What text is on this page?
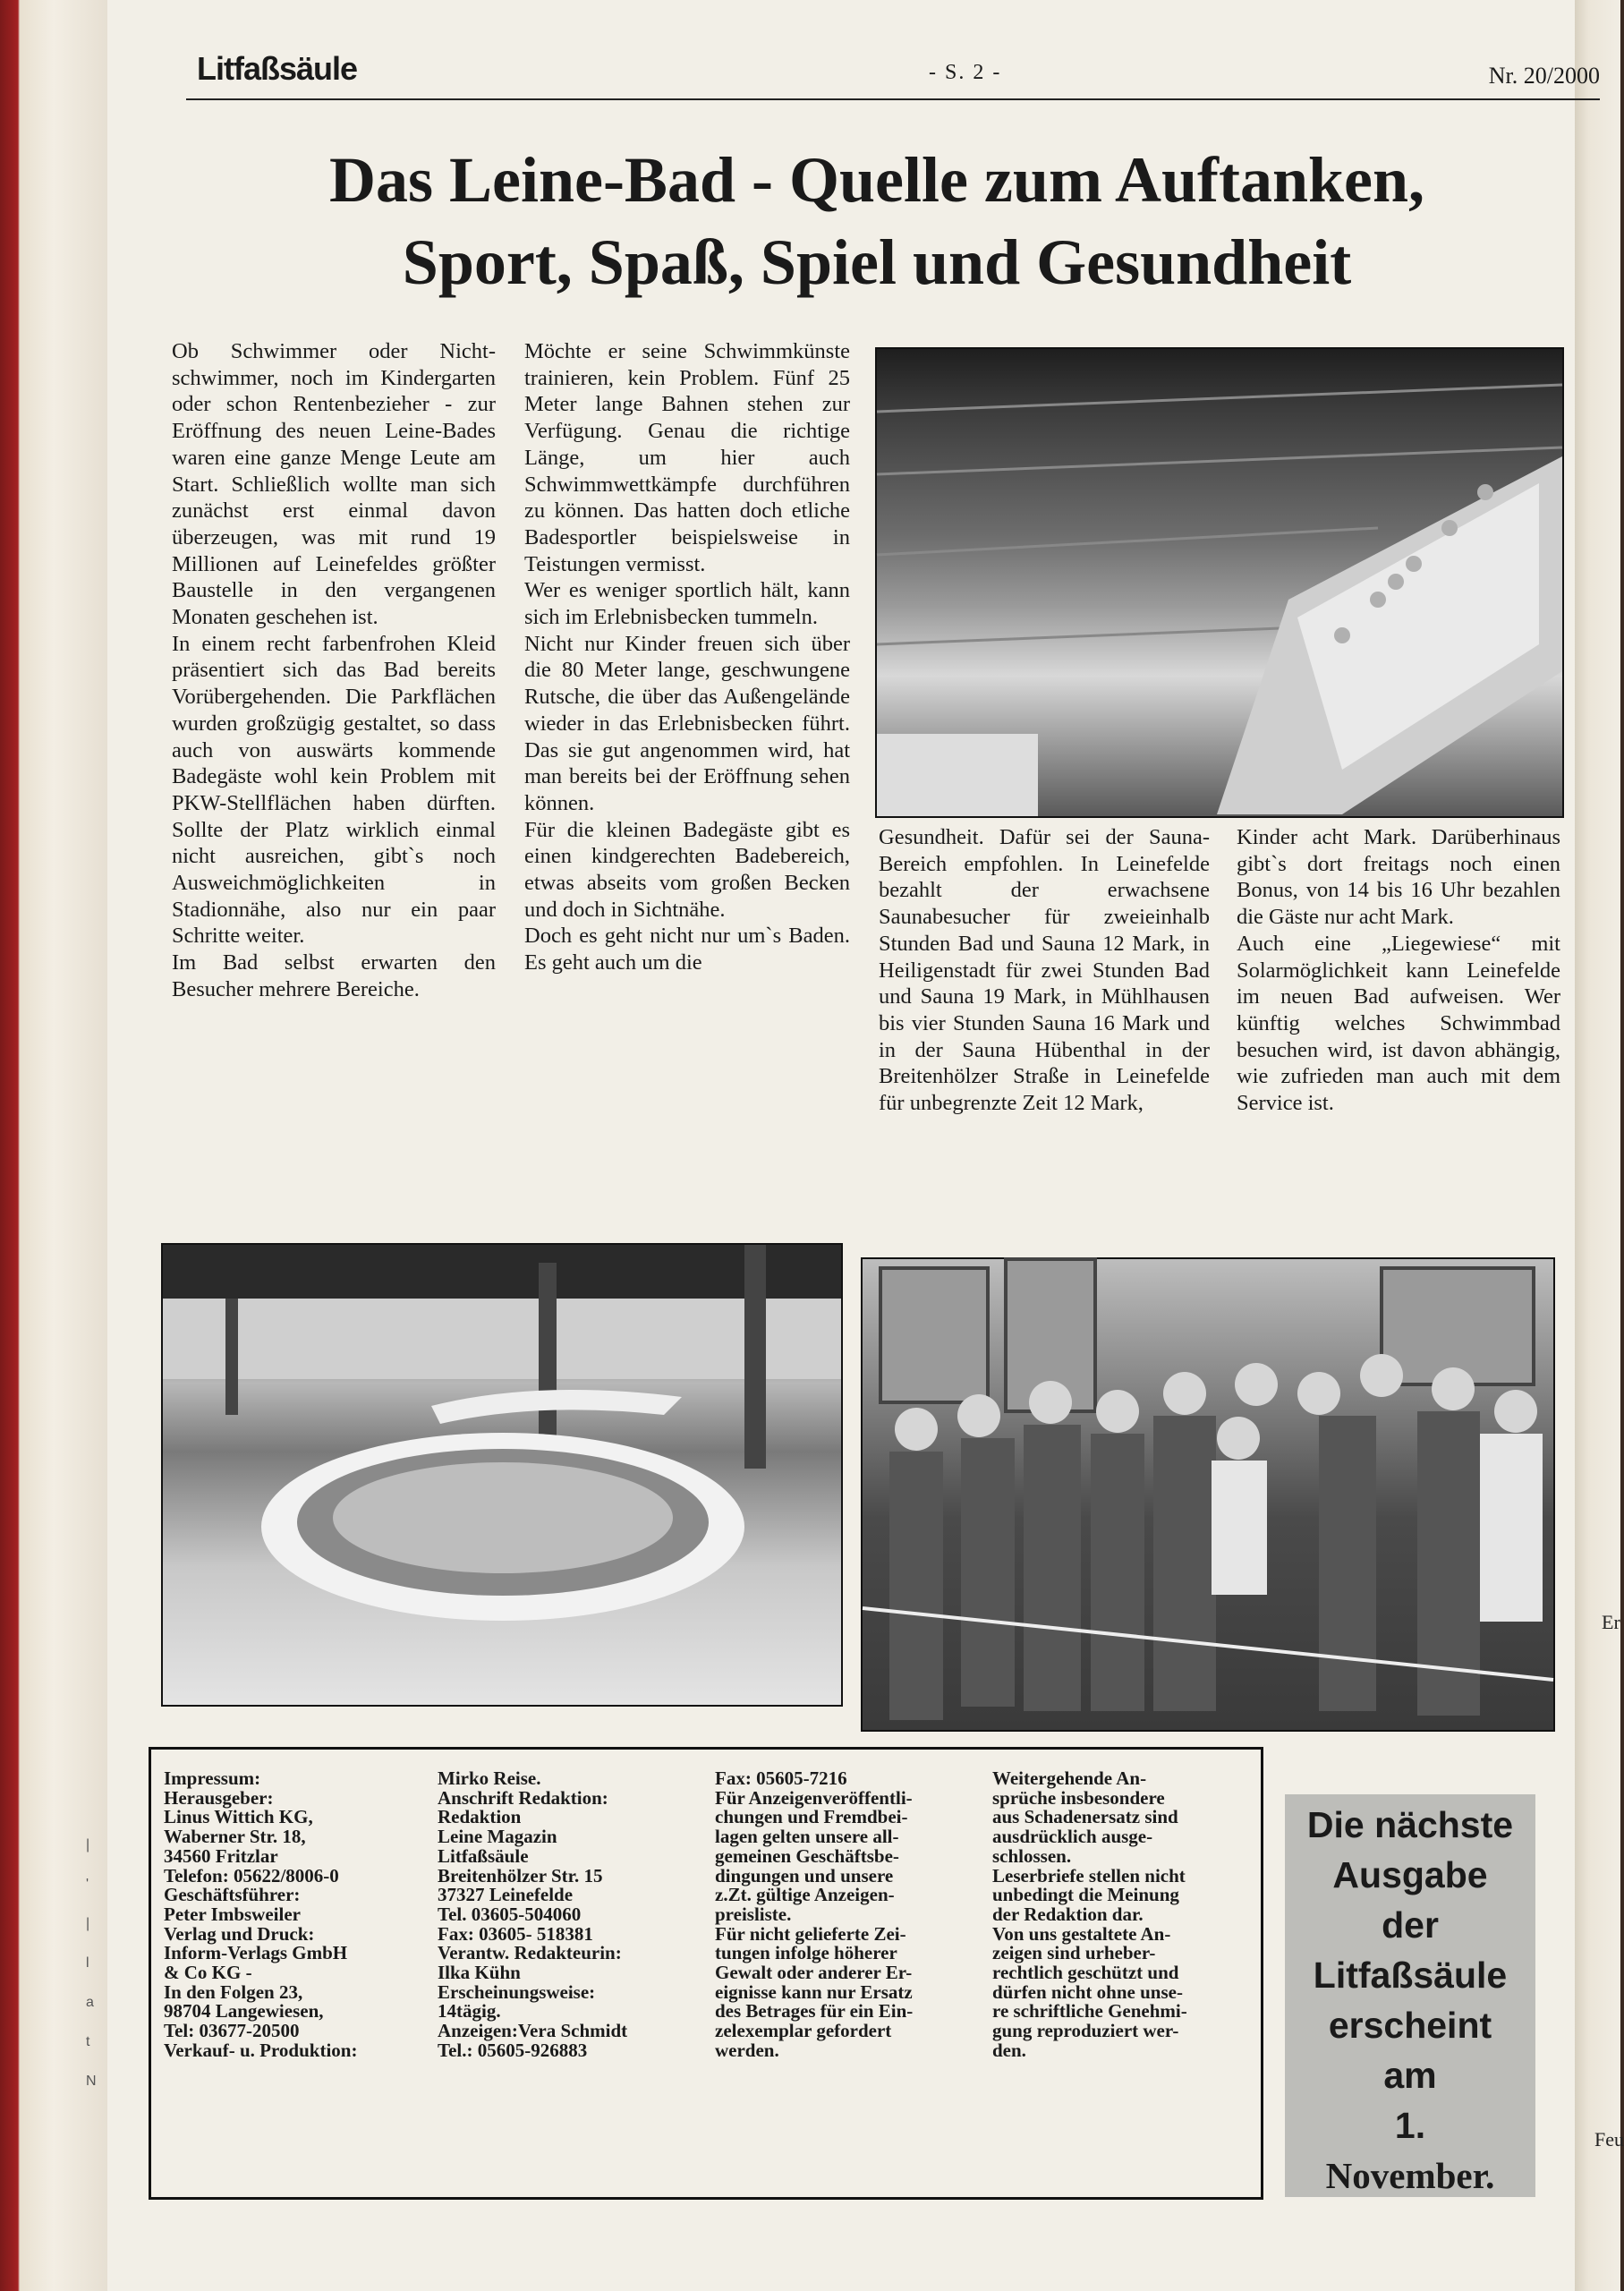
|
'
|
l
a
t
N
Er
Feu
Litfaßsäule	- S. 2 -	Nr. 20/2000
Das Leine-Bad - Quelle zum Auftanken,
Sport, Spaß, Spiel und Gesundheit

Ob Schwimmer oder Nicht-schwimmer, noch im Kindergarten oder schon Rentenbezieher - zur Eröffnung des neuen Leine-Bades waren eine ganze Menge Leute am Start. Schließlich wollte man sich zunächst erst einmal davon überzeugen, was mit rund 19 Millionen auf Leinefeldes größter Baustelle in den vergangenen Monaten geschehen ist.

In einem recht farbenfrohen Kleid präsentiert sich das Bad bereits Vorübergehenden. Die Parkflächen wurden großzügig gestaltet, so dass auch von auswärts kommende Badegäste wohl kein Problem mit PKW-Stellflächen haben dürften. Sollte der Platz wirklich einmal nicht ausreichen, gibt`s noch Ausweichmöglichkeiten in Stadionnähe, also nur ein paar Schritte weiter.

Im Bad selbst erwarten den Besucher mehrere Bereiche.

Möchte er seine Schwimmkünste trainieren, kein Problem. Fünf 25 Meter lange Bahnen stehen zur Verfügung. Genau die richtige Länge, um hier auch Schwimmwettkämpfe durchführen zu können. Das hatten doch etliche Badesportler beispielsweise in Teistungen vermisst.

Wer es weniger sportlich hält, kann sich im Erlebnisbecken tummeln.

Nicht nur Kinder freuen sich über die 80 Meter lange, geschwungene Rutsche, die über das Außengelände wieder in das Erlebnisbecken führt. Das sie gut angenommen wird, hat man bereits bei der Eröffnung sehen können.

Für die kleinen Badegäste gibt es einen kindgerechten Badebereich, etwas abseits vom großen Becken und doch in Sichtnähe.

Doch es geht nicht nur um`s Baden. Es geht auch um die

Gesundheit. Dafür sei der Sauna-Bereich empfohlen. In Leinefelde bezahlt der erwachsene Saunabesucher für zweieinhalb Stunden Bad und Sauna 12 Mark, in Heiligenstadt für zwei Stunden Bad und Sauna 19 Mark, in Mühlhausen bis vier Stunden Sauna 16 Mark und in der Sauna Hübenthal in der Breitenhölzer Straße in Leinefelde für unbegrenzte Zeit 12 Mark,

Kinder acht Mark. Darüberhinaus gibt`s dort freitags noch einen Bonus, von 14 bis 16 Uhr bezahlen die Gäste nur acht Mark.

Auch eine „Liegewiese“ mit Solarmöglichkeit kann Leinefelde im neuen Bad aufweisen. Wer künftig welches Schwimmbad besuchen wird, ist davon abhängig, wie zufrieden man auch mit dem Service ist.

Impressum:
Herausgeber:
Linus Wittich KG,
Waberner Str. 18,
34560 Fritzlar
Telefon: 05622/8006-0
Geschäftsführer:
Peter Imbsweiler
Verlag und Druck:
Inform-Verlags GmbH
& Co KG -
In den Folgen 23,
98704 Langewiesen,
Tel: 03677-20500
Verkauf- u. Produktion:
Mirko Reise.
Anschrift Redaktion:
Redaktion
Leine Magazin
Litfaßsäule
Breitenhölzer Str. 15
37327 Leinefelde
Tel. 03605-504060
Fax: 03605- 518381
Verantw. Redakteurin:
Ilka Kühn
Erscheinungsweise:
14tägig.
Anzeigen:Vera Schmidt
Tel.: 05605-926883
Fax: 05605-7216
Für Anzeigenveröffentli-
chungen und Fremdbei-
lagen gelten unsere all-
gemeinen Geschäftsbe-
dingungen und unsere
z.Zt. gültige Anzeigen-
preisliste.
Für nicht gelieferte Zei-
tungen infolge höherer
Gewalt oder anderer Er-
eignisse kann nur Ersatz
des Betrages für ein Ein-
zelexemplar gefordert
werden.
Weitergehende An-
sprüche insbesondere
aus Schadenersatz sind
ausdrücklich ausge-
schlossen.
Leserbriefe stellen nicht
unbedingt die Meinung
der Redaktion dar.
Von uns gestaltete An-
zeigen sind urheber-
rechtlich geschützt und
dürfen nicht ohne unse-
re schriftliche Genehmi-
gung reproduziert wer-
den.
Die nächste
Ausgabe
der
Litfaßsäule
erscheint
am
1.
November.
